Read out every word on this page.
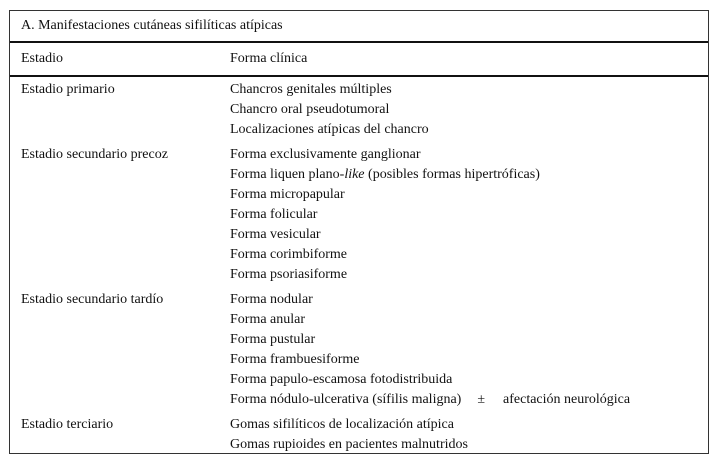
A. Manifestaciones cutáneas sifilíticas atípicas
Estadio	Forma clínica
Estadio primario	Chancros genitales múltiples
Chancro oral pseudotumoral
Localizaciones atípicas del chancro
Estadio secundario precoz	Forma exclusivamente ganglionar
Forma liquen plano-like (posibles formas hipertróficas)
Forma micropapular
Forma folicular
Forma vesicular
Forma corimbiforme
Forma psoriasiforme
Estadio secundario tardío	Forma nodular
Forma anular
Forma pustular
Forma frambuesiforme
Forma papulo-escamosa fotodistribuida
Forma nódulo-ulcerativa (sífilis maligna) ± afectación neurológica
Estadio terciario	Gomas sifilíticos de localización atípica
Gomas rupioides en pacientes malnutridos
